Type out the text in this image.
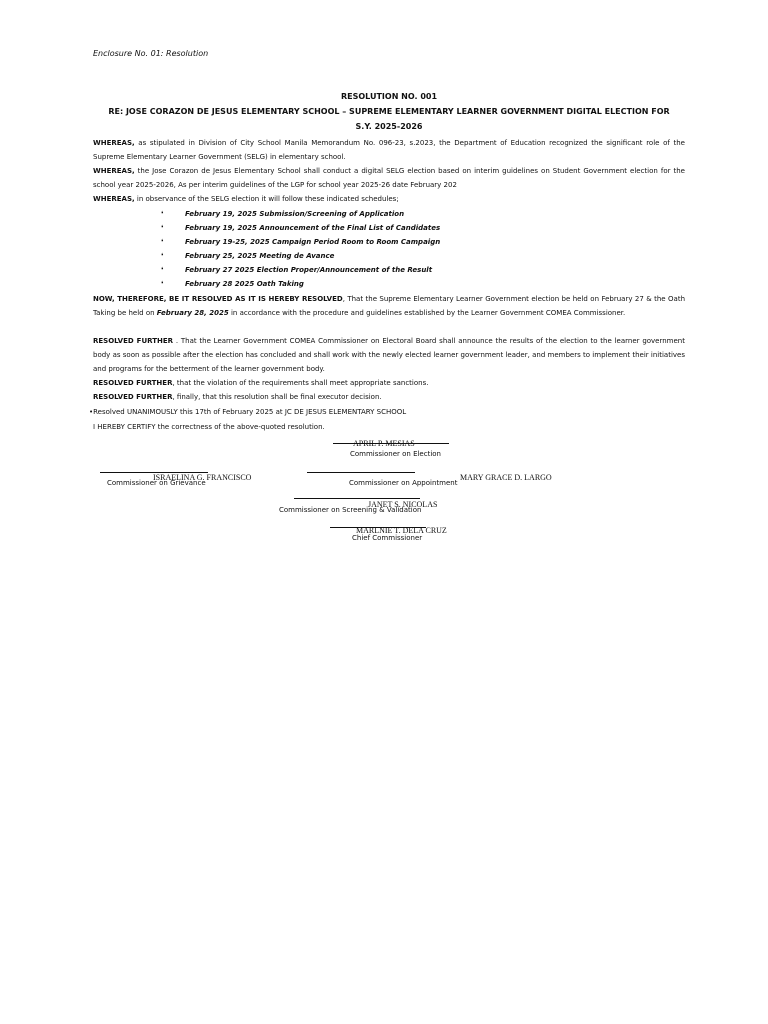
Enclosure No. 01: Resolution
RESOLUTION NO. 001
RE: JOSE CORAZON DE JESUS ELEMENTARY SCHOOL – SUPREME ELEMENTARY LEARNER GOVERNMENT DIGITAL ELECTION FOR
S.Y. 2025-2026
WHEREAS, as stipulated in Division of City School Manila Memorandum No. 096-23, s.2023, the Department of Education recognized the significant role of the Supreme Elementary Learner Government (SELG) in elementary school.
WHEREAS, the Jose Corazon de Jesus Elementary School shall conduct a digital SELG election based on interim guidelines on Student Government election for the school year 2025-2026, As per interim guidelines of the LGP for school year 2025-26 date February 202
WHEREAS, in observance of the SELG election it will follow these indicated schedules;
❛	February 19, 2025 Submission/Screening of Application
❛	February 19, 2025 Announcement of the Final List of Candidates
❛	February 19-25, 2025 Campaign Period Room to Room Campaign
❛	February 25, 2025 Meeting de Avance
❛	February 27 2025 Election Proper/Announcement of the Result
❛	February 28 2025 Oath Taking
NOW, THEREFORE, BE IT RESOLVED AS IT IS HEREBY RESOLVED, That the Supreme Elementary Learner Government election be held on February 27 & the Oath Taking be held on February 28, 2025 in accordance with the procedure and guidelines established by the Learner Government COMEA Commissioner.
RESOLVED FURTHER . That the Learner Government COMEA Commissioner on Electoral Board shall announce the results of the election to the learner government body as soon as possible after the election has concluded and shall work with the newly elected learner government leader, and members to implement their initiatives and programs for the betterment of the learner government body.
RESOLVED FURTHER, that the violation of the requirements shall meet appropriate sanctions.
RESOLVED FURTHER, finally, that this resolution shall be final executor decision.
•Resolved UNANIMOUSLY this 17th of February 2025 at JC DE JESUS ELEMENTARY SCHOOL
I HEREBY CERTIFY the correctness of the above-quoted resolution.
APRIL P. MESIAS
Commissioner on Election
ISRAELINA G. FRANCISCO
Commissioner on Grievance
MARY GRACE D. LARGO
Commissioner on Appointment
JANET S. NICOLAS
Commissioner on Screening & Validation
MARLNIE T. DELA CRUZ
Chief Commissioner
